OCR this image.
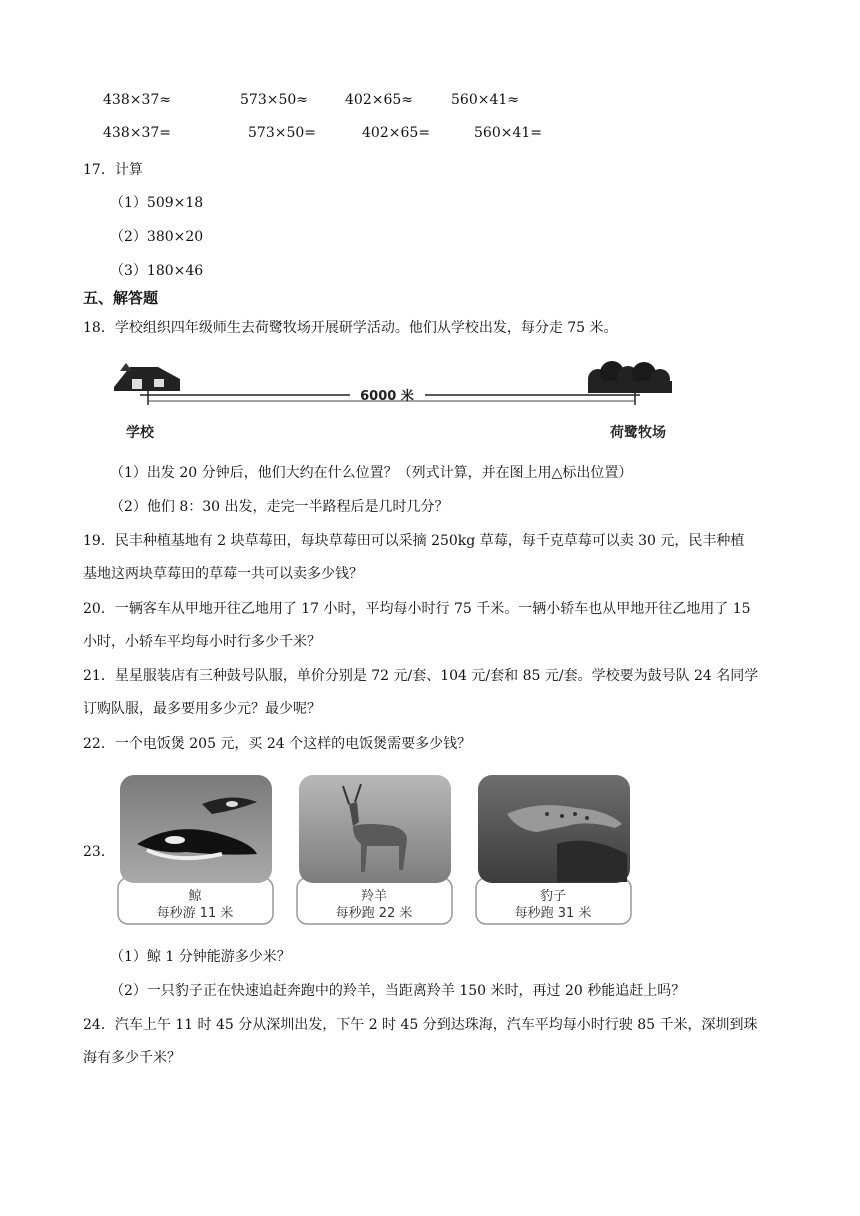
438×37≈	573×50≈	402×65≈	560×41≈
438×37=	573×50=	402×65=	560×41=
17．计算
（1）509×18
（2）380×20
（3）180×46
五、解答题
18．学校组织四年级师生去荷鹭牧场开展研学活动。他们从学校出发，每分走 75 米。
6000 米
学校	荷鹭牧场
（1）出发 20 分钟后，他们大约在什么位置？（列式计算，并在图上用△标出位置）
（2）他们 8：30 出发，走完一半路程后是几时几分？
19．民丰种植基地有 2 块草莓田，每块草莓田可以采摘 250kg 草莓，每千克草莓可以卖 30 元，民丰种植
基地这两块草莓田的草莓一共可以卖多少钱？
20．一辆客车从甲地开往乙地用了 17 小时，平均每小时行 75 千米。一辆小轿车也从甲地开往乙地用了 15
小时，小轿车平均每小时行多少千米？
21．星星服装店有三种鼓号队服，单价分别是 72 元/套、104 元/套和 85 元/套。学校要为鼓号队 24 名同学
订购队服，最多要用多少元？最少呢？
22．一个电饭煲 205 元，买 24 个这样的电饭煲需要多少钱？
23．
鲸
每秒游 11 米
羚羊
每秒跑 22 米
豹子
每秒跑 31 米
（1）鲸 1 分钟能游多少米？
（2）一只豹子正在快速追赶奔跑中的羚羊，当距离羚羊 150 米时，再过 20 秒能追赶上吗？
24．汽车上午 11 时 45 分从深圳出发，下午 2 时 45 分到达珠海，汽车平均每小时行驶 85 千米，深圳到珠
海有多少千米？
